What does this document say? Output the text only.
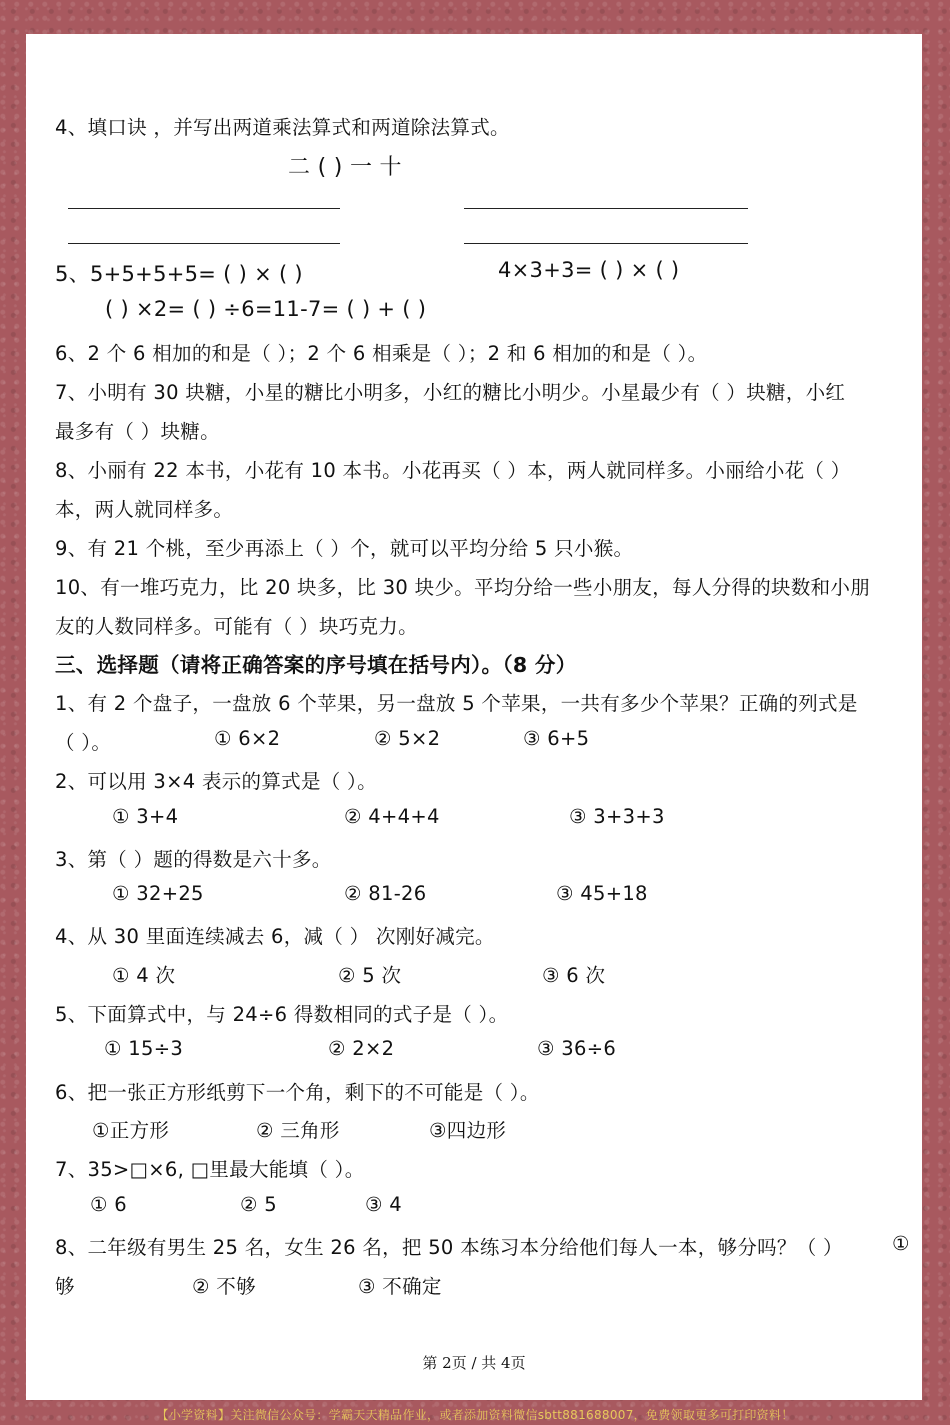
4、填口诀 ，并写出两道乘法算式和两道除法算式。
二 ( ) 一 十
5、5+5+5+5= ( ) × ( )	4×3+3= ( ) × ( )
( ) ×2= ( ) ÷6=11-7= ( ) + ( )
6、2 个 6 相加的和是（ ）；2 个 6 相乘是（ ）；2 和 6 相加的和是（ ）。
7、小明有 30 块糖，小星的糖比小明多，小红的糖比小明少。小星最少有（ ）块糖，小红
最多有（ ）块糖。
8、小丽有 22 本书，小花有 10 本书。小花再买（ ）本，两人就同样多。小丽给小花（ ）
本，两人就同样多。
9、有 21 个桃，至少再添上（ ）个，就可以平均分给 5 只小猴。
10、有一堆巧克力，比 20 块多，比 30 块少。平均分给一些小朋友，每人分得的块数和小朋
友的人数同样多。可能有（ ）块巧克力。
三、选择题（请将正确答案的序号填在括号内）。（8 分）
1、有 2 个盘子，一盘放 6 个苹果，另一盘放 5 个苹果，一共有多少个苹果？正确的列式是
（ ）。	① 6×2	② 5×2	③ 6+5
2、可以用 3×4 表示的算式是（ ）。
① 3+4	② 4+4+4	③ 3+3+3
3、第（ ）题的得数是六十多。
① 32+25	② 81-26	③ 45+18
4、从 30 里面连续减去 6，减（ ） 次刚好减完。
① 4 次	② 5 次	③ 6 次
5、下面算式中，与 24÷6 得数相同的式子是（ ）。
① 15÷3	② 2×2	③ 36÷6
6、把一张正方形纸剪下一个角，剩下的不可能是（ ）。
①正方形	② 三角形	③四边形
7、35>□×6, □里最大能填（ ）。
① 6	② 5	③ 4
8、二年级有男生 25 名，女生 26 名，把 50 本练习本分给他们每人一本，够分吗？（ ）	①
够	② 不够	③ 不确定
第 2页 / 共 4页
【小学资料】关注微信公众号：学霸天天精品作业，或者添加资料微信sbtt881688007，免费领取更多可打印资料！
